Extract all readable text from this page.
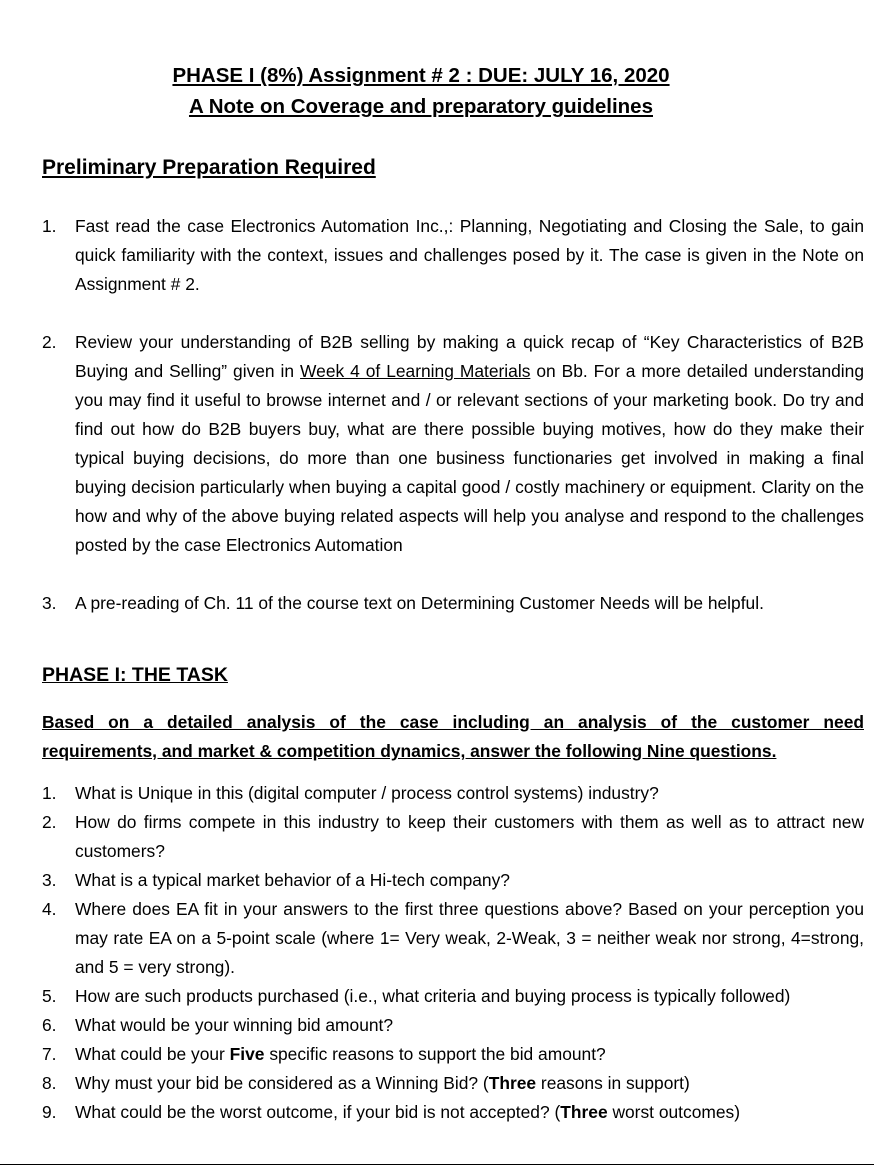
PHASE I (8%) Assignment # 2 : DUE: JULY 16, 2020
A Note on Coverage and preparatory guidelines
Preliminary Preparation Required
1. Fast read the case Electronics Automation Inc.,: Planning, Negotiating and Closing the Sale, to gain quick familiarity with the context, issues and challenges posed by it. The case is given in the Note on Assignment # 2.
2. Review your understanding of B2B selling by making a quick recap of “Key Characteristics of B2B Buying and Selling” given in Week 4 of Learning Materials on Bb. For a more detailed understanding you may find it useful to browse internet and / or relevant sections of your marketing book. Do try and find out how do B2B buyers buy, what are there possible buying motives, how do they make their typical buying decisions, do more than one business functionaries get involved in making a final buying decision particularly when buying a capital good / costly machinery or equipment. Clarity on the how and why of the above buying related aspects will help you analyse and respond to the challenges posted by the case Electronics Automation
3. A pre-reading of Ch. 11 of the course text on Determining Customer Needs will be helpful.
PHASE I: THE TASK
Based on a detailed analysis of the case including an analysis of the customer need
requirements, and market & competition dynamics, answer the following Nine questions.
1. What is Unique in this (digital computer / process control systems) industry?
2. How do firms compete in this industry to keep their customers with them as well as to attract new customers?
3. What is a typical market behavior of a Hi-tech company?
4. Where does EA fit in your answers to the first three questions above? Based on your perception you may rate EA on a 5-point scale (where 1= Very weak, 2-Weak, 3 = neither weak nor strong, 4=strong, and 5 = very strong).
5. How are such products purchased (i.e., what criteria and buying process is typically followed)
6. What would be your winning bid amount?
7. What could be your Five specific reasons to support the bid amount?
8. Why must your bid be considered as a Winning Bid? (Three reasons in support)
9. What could be the worst outcome, if your bid is not accepted? (Three worst outcomes)
